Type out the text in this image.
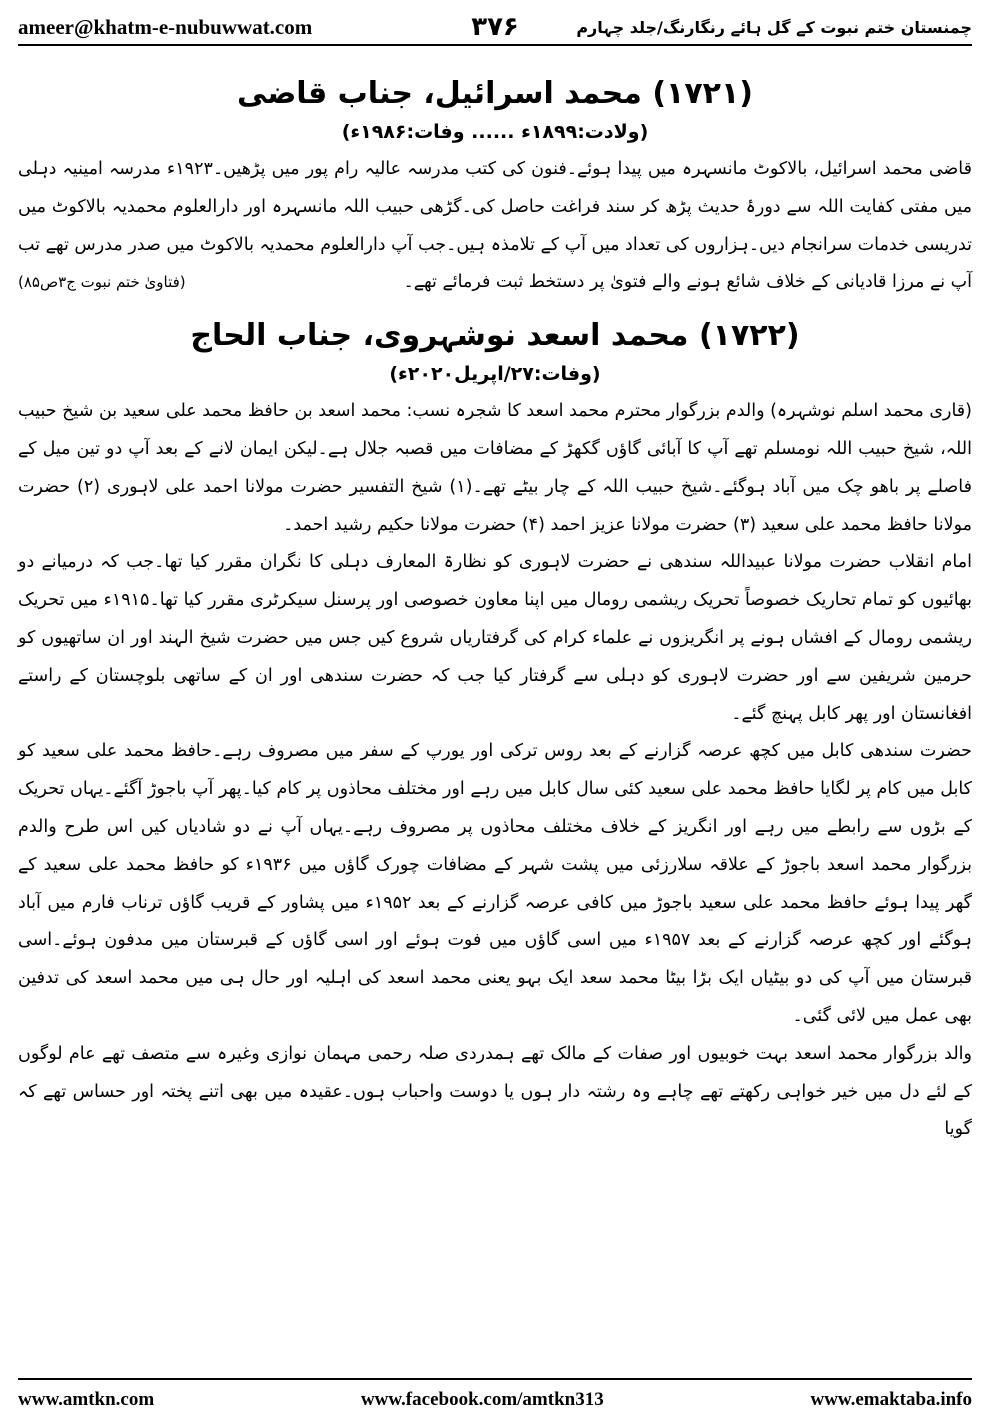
ameer@khatm-e-nubuwwat.com	۳۷۶	چمنستان ختم نبوت کے گل ہائے رنگارنگ/جلد چہارم
(۱۷۲۱) محمد اسرائیل، جناب قاضی
(ولادت:۱۸۹۹ء ...... وفات:۱۹۸۶ء)

قاضی محمد اسرائیل، بالاکوٹ مانسہرہ میں پیدا ہوئے۔فنون کی کتب مدرسہ عالیہ رام پور میں پڑھیں۔۱۹۲۳ء مدرسہ امینیہ دہلی میں مفتی کفایت اللہ سے دورۂ حدیث پڑھ کر سند فراغت حاصل کی۔گڑھی حبیب اللہ مانسہرہ اور دارالعلوم محمدیہ بالاکوٹ میں تدریسی خدمات سرانجام دیں۔ہزاروں کی تعداد میں آپ کے تلامذہ ہیں۔جب آپ دارالعلوم محمدیہ بالاکوٹ میں صدر مدرس تھے تب آپ نے مرزا قادیانی کے خلاف شائع ہونے والے فتویٰ پر دستخط ثبت فرمائے تھے۔
(فتاویٰ ختم نبوت ج۳ص۸۵)

(۱۷۲۲) محمد اسعد نوشہروی، جناب الحاج
(وفات:۲۷/اپریل۲۰۲۰ء)

(قاری محمد اسلم نوشہرہ) والدم بزرگوار محترم محمد اسعد کا شجرہ نسب: محمد اسعد بن حافظ محمد علی سعید بن شیخ حبیب اللہ، شیخ حبیب اللہ نومسلم تھے آپ کا آبائی گاؤں گکھڑ کے مضافات میں قصبہ جلال ہے۔لیکن ایمان لانے کے بعد آپ دو تین میل کے فاصلے پر باھو چک میں آباد ہوگئے۔شیخ حبیب اللہ کے چار بیٹے تھے۔(۱) شیخ التفسیر حضرت مولانا احمد علی لاہوری (۲) حضرت مولانا حافظ محمد علی سعید (۳) حضرت مولانا عزیز احمد (۴) حضرت مولانا حکیم رشید احمد۔

امام انقلاب حضرت مولانا عبیداللہ سندھی نے حضرت لاہوری کو نظارۃ المعارف دہلی کا نگران مقرر کیا تھا۔جب کہ درمیانے دو بھائیوں کو تمام تحاریک خصوصاً تحریک ریشمی رومال میں اپنا معاون خصوصی اور پرسنل سیکرٹری مقرر کیا تھا۔۱۹۱۵ء میں تحریک ریشمی رومال کے افشاں ہونے پر انگریزوں نے علماء کرام کی گرفتاریاں شروع کیں جس میں حضرت شیخ الہند اور ان ساتھیوں کو حرمین شریفین سے اور حضرت لاہوری کو دہلی سے گرفتار کیا جب کہ حضرت سندھی اور ان کے ساتھی بلوچستان کے راستے افغانستان اور پھر کابل پہنچ گئے۔

حضرت سندھی کابل میں کچھ عرصہ گزارنے کے بعد روس ترکی اور یورپ کے سفر میں مصروف رہے۔حافظ محمد علی سعید کو کابل میں کام پر لگایا حافظ محمد علی سعید کئی سال کابل میں رہے اور مختلف محاذوں پر کام کیا۔پھر آپ باجوڑ آگئے۔یہاں تحریک کے بڑوں سے رابطے میں رہے اور انگریز کے خلاف مختلف محاذوں پر مصروف رہے۔یہاں آپ نے دو شادیاں کیں اس طرح والدم بزرگوار محمد اسعد باجوڑ کے علاقہ سلارزئی میں پشت شہر کے مضافات چورک گاؤں میں ۱۹۳۶ء کو حافظ محمد علی سعید کے گھر پیدا ہوئے حافظ محمد علی سعید باجوڑ میں کافی عرصہ گزارنے کے بعد ۱۹۵۲ء میں پشاور کے قریب گاؤں ترناب فارم میں آباد ہوگئے اور کچھ عرصہ گزارنے کے بعد ۱۹۵۷ء میں اسی گاؤں میں فوت ہوئے اور اسی گاؤں کے قبرستان میں مدفون ہوئے۔اسی قبرستان میں آپ کی دو بیٹیاں ایک بڑا بیٹا محمد سعد ایک بہو یعنی محمد اسعد کی اہلیہ اور حال ہی میں محمد اسعد کی تدفین بھی عمل میں لائی گئی۔

والد بزرگوار محمد اسعد بہت خوبیوں اور صفات کے مالک تھے ہمدردی صلہ رحمی مہمان نوازی وغیرہ سے متصف تھے عام لوگوں کے لئے دل میں خیر خواہی رکھتے تھے چاہے وہ رشتہ دار ہوں یا دوست واحباب ہوں۔عقیدہ میں بھی اتنے پختہ اور حساس تھے کہ گویا

www.amtkn.com	www.facebook.com/amtkn313	www.emaktaba.info
